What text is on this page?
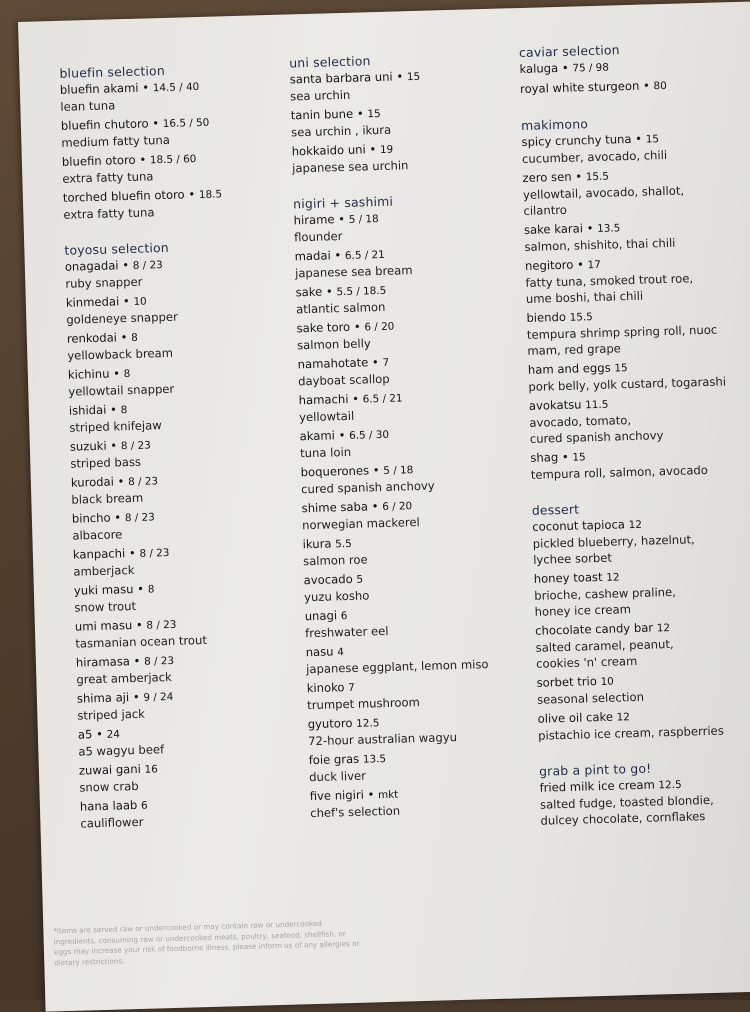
bluefin selection
bluefin akami • 14.5 / 40
lean tuna
bluefin chutoro • 16.5 / 50
medium fatty tuna
bluefin otoro • 18.5 / 60
extra fatty tuna
torched bluefin otoro • 18.5
extra fatty tuna
toyosu selection
onagadai • 8 / 23
ruby snapper
kinmedai • 10
goldeneye snapper
renkodai • 8
yellowback bream
kichinu • 8
yellowtail snapper
ishidai • 8
striped knifejaw
suzuki • 8 / 23
striped bass
kurodai • 8 / 23
black bream
bincho • 8 / 23
albacore
kanpachi • 8 / 23
amberjack
yuki masu • 8
snow trout
umi masu • 8 / 23
tasmanian ocean trout
hiramasa • 8 / 23
great amberjack
shima aji • 9 / 24
striped jack
a5 • 24
a5 wagyu beef
zuwai gani 16
snow crab
hana laab 6
cauliflower
uni selection
santa barbara uni • 15
sea urchin
tanin bune • 15
sea urchin , ikura
hokkaido uni • 19
japanese sea urchin
nigiri + sashimi
hirame • 5 / 18
flounder
madai • 6.5 / 21
japanese sea bream
sake • 5.5 / 18.5
atlantic salmon
sake toro • 6 / 20
salmon belly
namahotate • 7
dayboat scallop
hamachi • 6.5 / 21
yellowtail
akami • 6.5 / 30
tuna loin
boquerones • 5 / 18
cured spanish anchovy
shime saba • 6 / 20
norwegian mackerel
ikura 5.5
salmon roe
avocado 5
yuzu kosho
unagi 6
freshwater eel
nasu 4
japanese eggplant, lemon miso
kinoko 7
trumpet mushroom
gyutoro 12.5
72-hour australian wagyu
foie gras 13.5
duck liver
five nigiri • mkt
chef's selection
caviar selection
kaluga • 75 / 98
royal white sturgeon • 80
makimono
spicy crunchy tuna • 15
cucumber, avocado, chili
zero sen • 15.5
yellowtail, avocado, shallot,
cilantro
sake karai • 13.5
salmon, shishito, thai chili
negitoro • 17
fatty tuna, smoked trout roe,
ume boshi, thai chili
biendo 15.5
tempura shrimp spring roll, nuoc
mam, red grape
ham and eggs 15
pork belly, yolk custard, togarashi
avokatsu 11.5
avocado, tomato,
cured spanish anchovy
shag • 15
tempura roll, salmon, avocado
dessert
coconut tapioca 12
pickled blueberry, hazelnut,
lychee sorbet
honey toast 12
brioche, cashew praline,
honey ice cream
chocolate candy bar 12
salted caramel, peanut,
cookies 'n' cream
sorbet trio 10
seasonal selection
olive oil cake 12
pistachio ice cream, raspberries
grab a pint to go!
fried milk ice cream 12.5
salted fudge, toasted blondie,
dulcey chocolate, cornflakes
*items are served raw or undercooked or may contain raw or undercooked ingredients. consuming raw or undercooked meats, poultry, seafood, shellfish, or eggs may increase your risk of foodborne illness. please inform us of any allergies or dietary restrictions.
